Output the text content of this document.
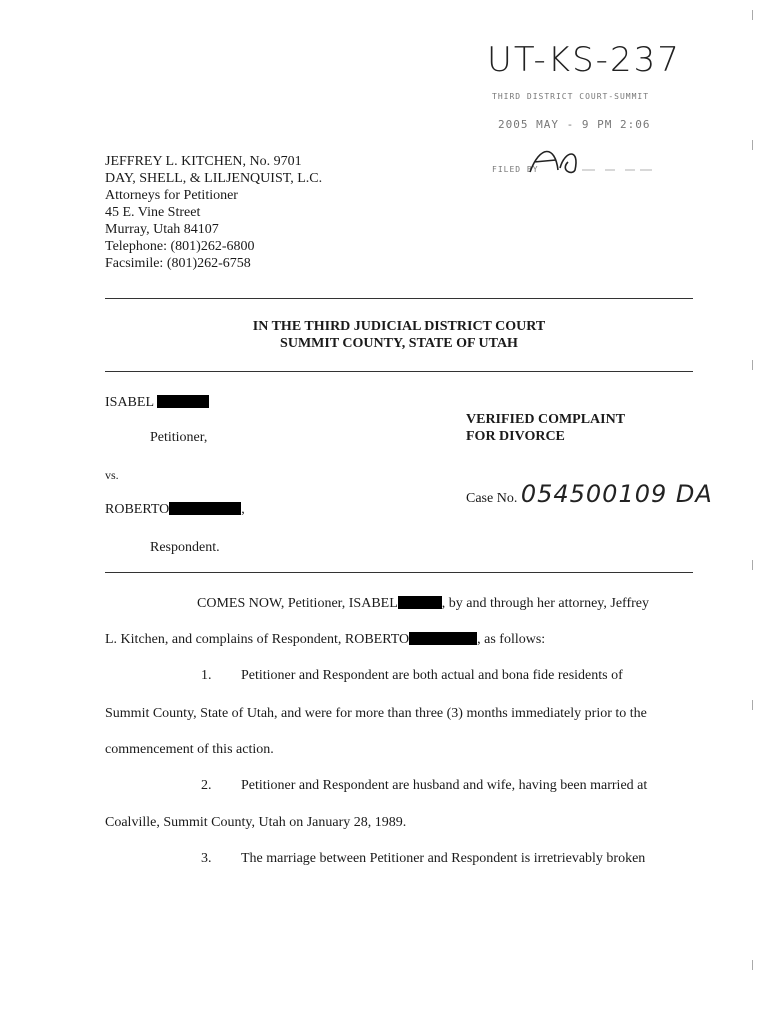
UT-KS-237
THIRD DISTRICT COURT-SUMMIT
2005 MAY - 9 PM 2:06
FILED BY
JEFFREY L. KITCHEN, No. 9701
DAY, SHELL, & LILJENQUIST, L.C.
Attorneys for Petitioner
45 E. Vine Street
Murray, Utah 84107
Telephone: (801)262-6800
Facsimile: (801)262-6758
IN THE THIRD JUDICIAL DISTRICT COURT
SUMMIT COUNTY, STATE OF UTAH
ISABEL
Petitioner,
vs.
ROBERTO	,
Respondent.
VERIFIED COMPLAINT
FOR DIVORCE
Case No. 054500109 DA
COMES NOW, Petitioner, ISABEL	, by and through her attorney, Jeffrey
L. Kitchen, and complains of Respondent, ROBERTO	, as follows:
1. Petitioner and Respondent are both actual and bona fide residents of
Summit County, State of Utah, and were for more than three (3) months immediately prior to the
commencement of this action.
2. Petitioner and Respondent are husband and wife, having been married at
Coalville, Summit County, Utah on January 28, 1989.
3. The marriage between Petitioner and Respondent is irretrievably broken
